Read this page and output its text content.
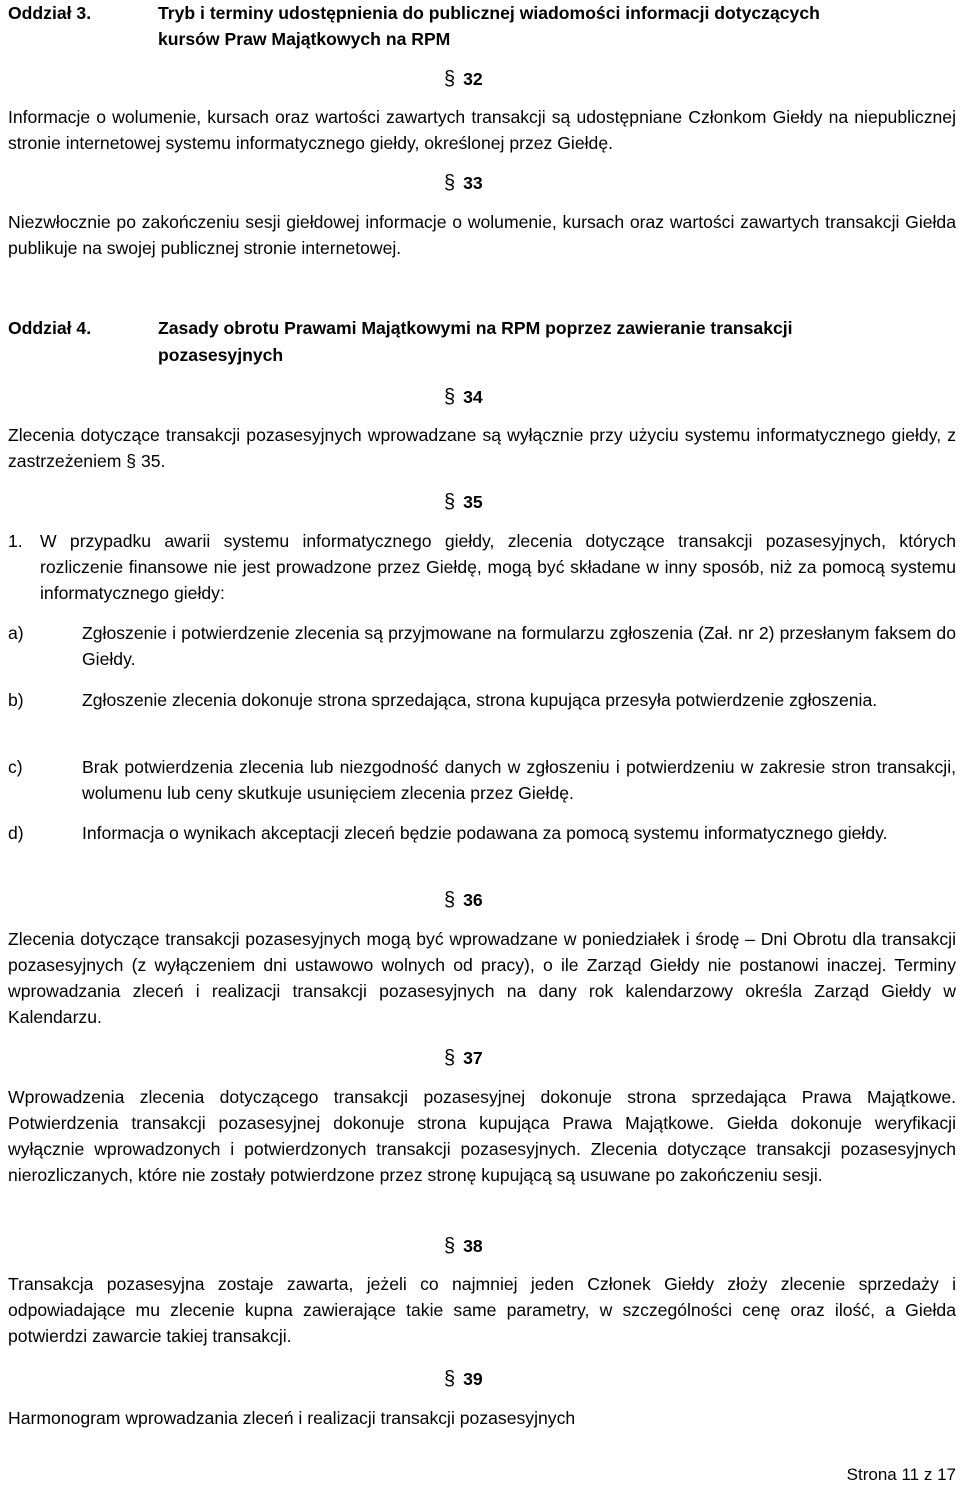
Oddział 3.	Tryb i terminy udostępnienia do publicznej wiadomości informacji dotyczących
kursów Praw Majątkowych na RPM
§ 32
Informacje o wolumenie, kursach oraz wartości zawartych transakcji są udostępniane Członkom Giełdy na niepublicznej stronie internetowej systemu informatycznego giełdy, określonej przez Giełdę.
§ 33
Niezwłocznie po zakończeniu sesji giełdowej informacje o wolumenie, kursach oraz wartości zawartych transakcji Giełda publikuje na swojej publicznej stronie internetowej.
Oddział 4.	Zasady obrotu Prawami Majątkowymi na RPM poprzez zawieranie transakcji
pozasesyjnych
§ 34
Zlecenia dotyczące transakcji pozasesyjnych wprowadzane są wyłącznie przy użyciu systemu informatycznego giełdy, z zastrzeżeniem § 35.
§ 35
1. W przypadku awarii systemu informatycznego giełdy, zlecenia dotyczące transakcji pozasesyjnych, których rozliczenie finansowe nie jest prowadzone przez Giełdę, mogą być składane w inny sposób, niż za pomocą systemu informatycznego giełdy:
a)	Zgłoszenie i potwierdzenie zlecenia są przyjmowane na formularzu zgłoszenia (Zał. nr 2) przesłanym faksem do Giełdy.
b)	Zgłoszenie zlecenia dokonuje strona sprzedająca, strona kupująca przesyła potwierdzenie zgłoszenia.
c)	Brak potwierdzenia zlecenia lub niezgodność danych w zgłoszeniu i potwierdzeniu w zakresie stron transakcji, wolumenu lub ceny skutkuje usunięciem zlecenia przez Giełdę.
d)	Informacja o wynikach akceptacji zleceń będzie podawana za pomocą systemu informatycznego giełdy.
§ 36
Zlecenia dotyczące transakcji pozasesyjnych mogą być wprowadzane w poniedziałek i środę – Dni Obrotu dla transakcji pozasesyjnych (z wyłączeniem dni ustawowo wolnych od pracy), o ile Zarząd Giełdy nie postanowi inaczej. Terminy wprowadzania zleceń i realizacji transakcji pozasesyjnych na dany rok kalendarzowy określa Zarząd Giełdy w Kalendarzu.
§ 37
Wprowadzenia zlecenia dotyczącego transakcji pozasesyjnej dokonuje strona sprzedająca Prawa Majątkowe. Potwierdzenia transakcji pozasesyjnej dokonuje strona kupująca Prawa Majątkowe. Giełda dokonuje weryfikacji wyłącznie wprowadzonych i potwierdzonych transakcji pozasesyjnych. Zlecenia dotyczące transakcji pozasesyjnych nierozliczanych, które nie zostały potwierdzone przez stronę kupującą są usuwane po zakończeniu sesji.
§ 38
Transakcja pozasesyjna zostaje zawarta, jeżeli co najmniej jeden Członek Giełdy złoży zlecenie sprzedaży i odpowiadające mu zlecenie kupna zawierające takie same parametry, w szczególności cenę oraz ilość, a Giełda potwierdzi zawarcie takiej transakcji.
§ 39
Harmonogram wprowadzania zleceń i realizacji transakcji pozasesyjnych
Strona 11 z 17
